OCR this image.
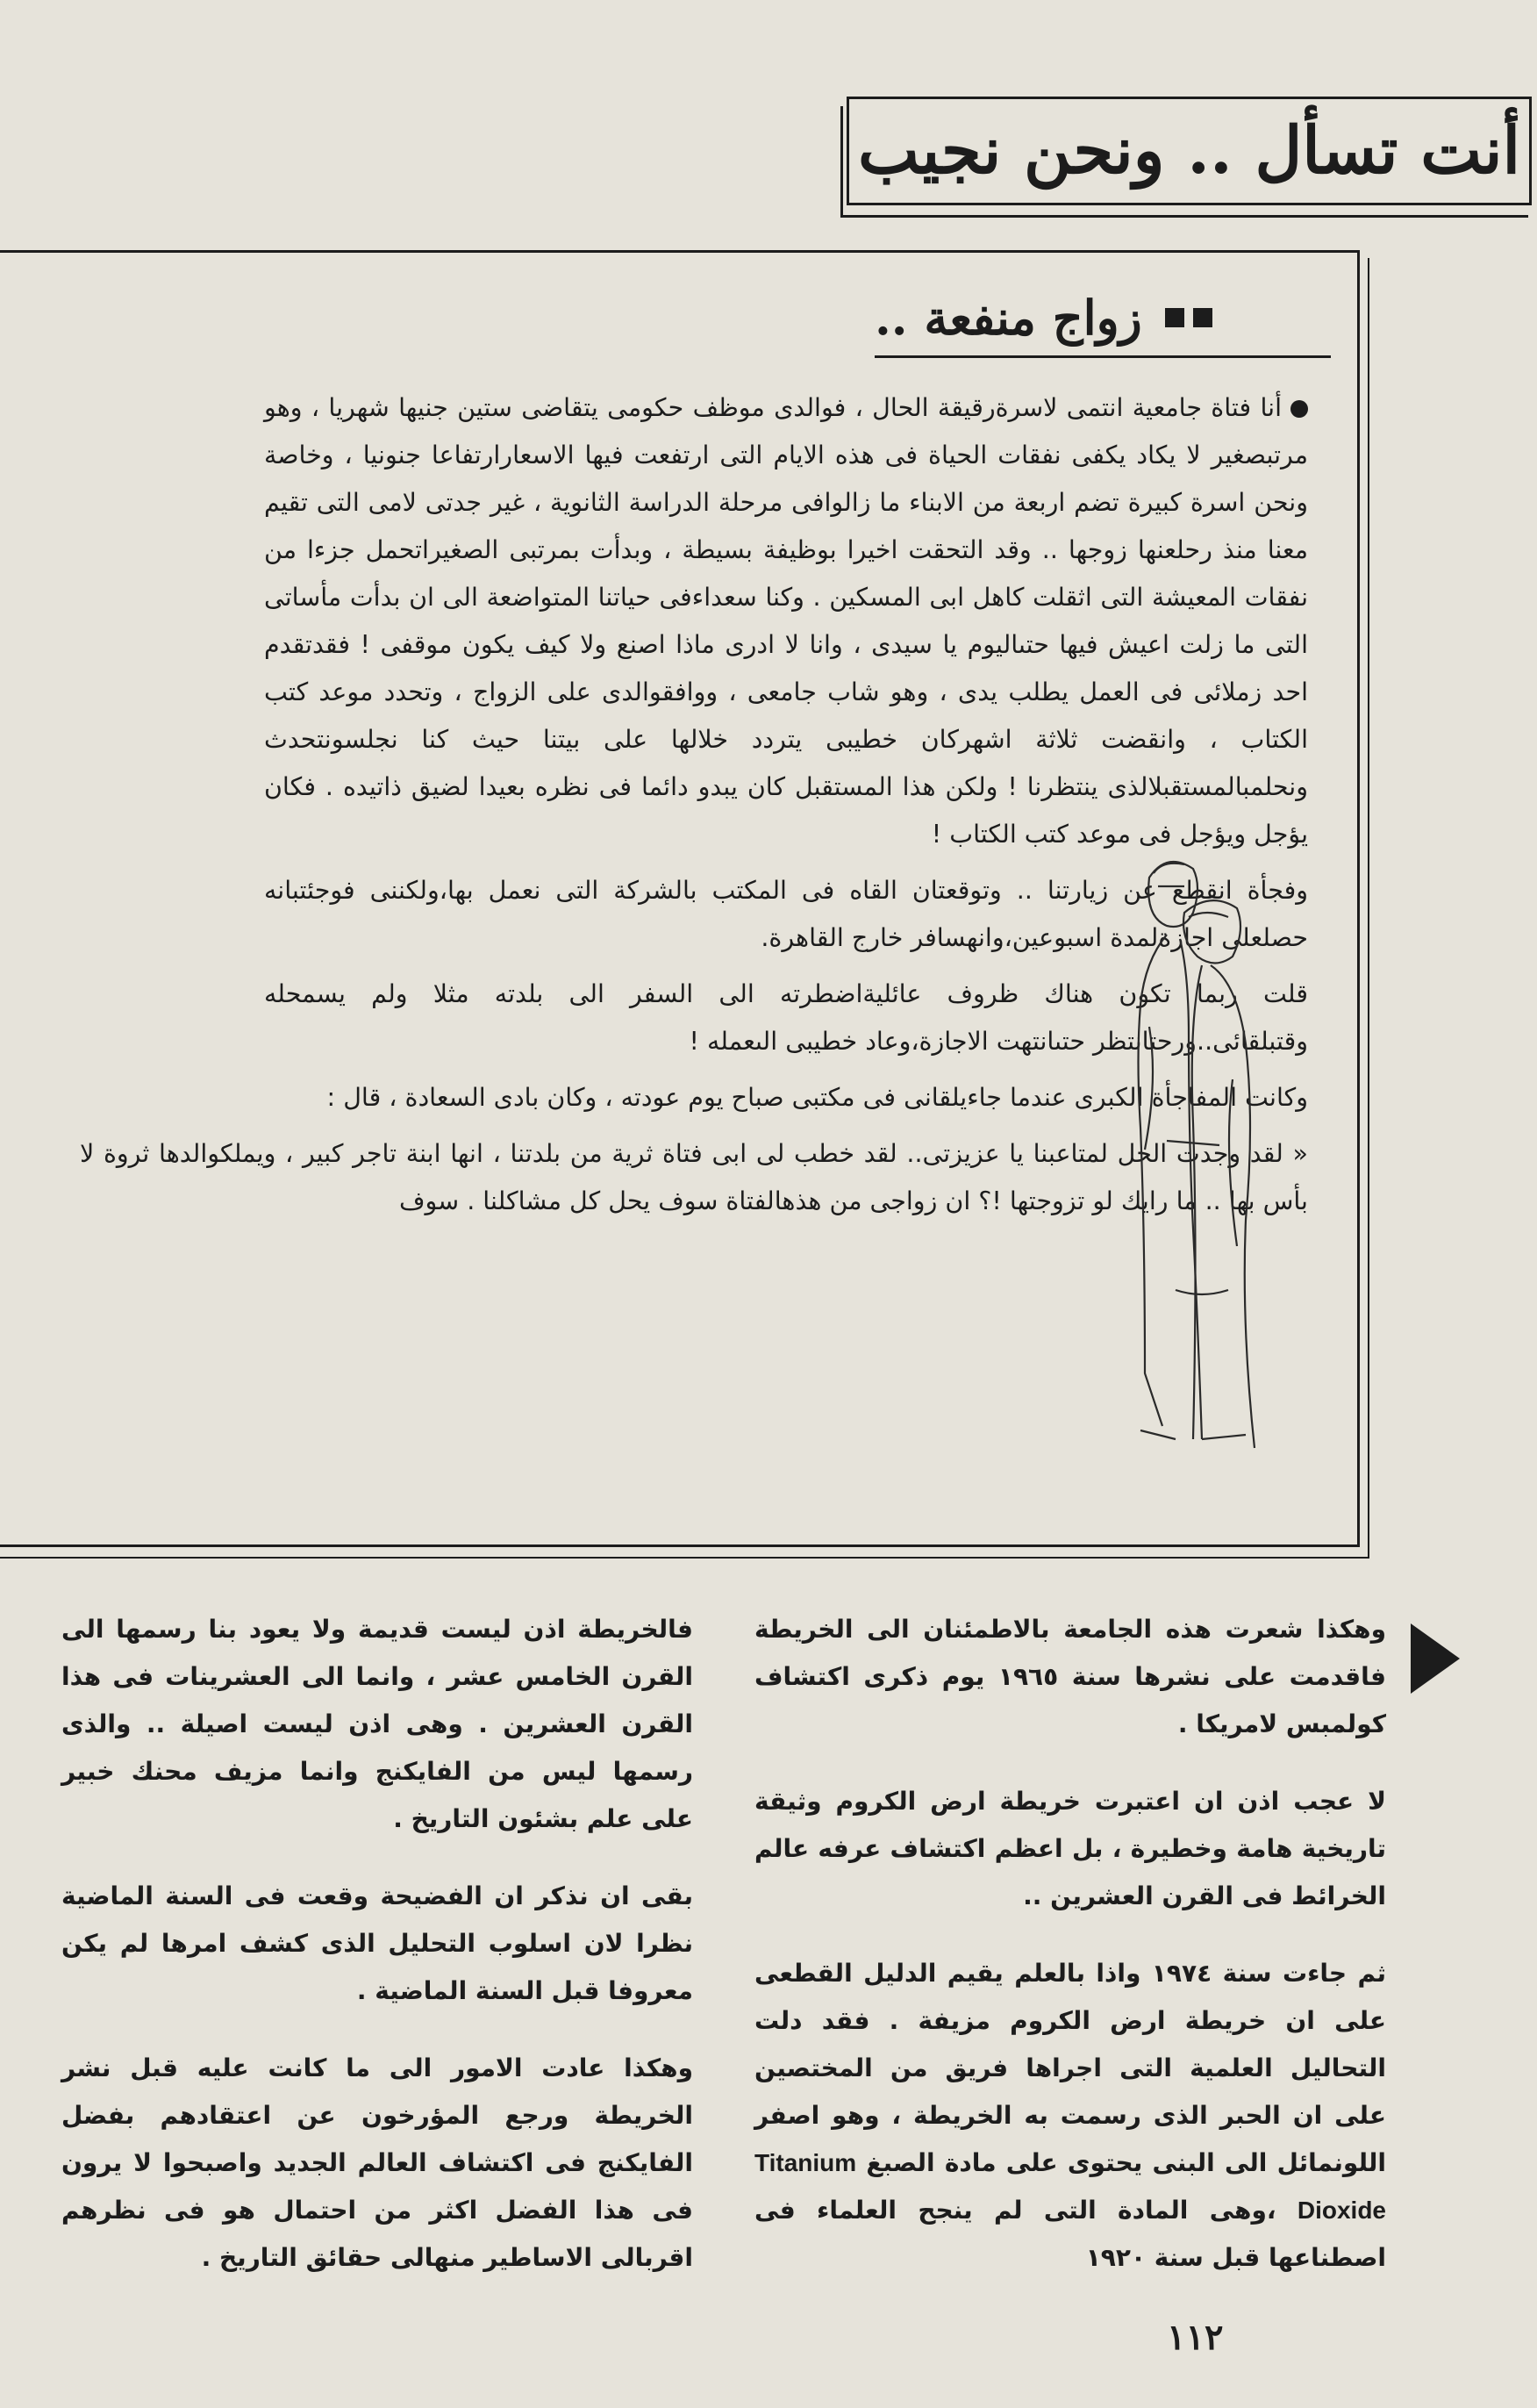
أنت تسأل .. ونحن نجيب
زواج منفعة ..

أنا فتاة جامعية انتمى لاسرةرقيقة الحال ، فوالدى موظف حكومى يتقاضى ستين جنيها شهريا ، وهو مرتبصغير لا يكاد يكفى نفقات الحياة فى هذه الايام التى ارتفعت فيها الاسعارارتفاعا جنونيا ، وخاصة ونحن اسرة كبيرة تضم اربعة من الابناء ما زالوافى مرحلة الدراسة الثانوية ، غير جدتى لامى التى تقيم معنا منذ رحلعنها زوجها .. وقد التحقت اخيرا بوظيفة بسيطة ، وبدأت بمرتبى الصغيراتحمل جزءا من نفقات المعيشة التى اثقلت كاهل ابى المسكين . وكنا سعداءفى حياتنا المتواضعة الى ان بدأت مأساتى التى ما زلت اعيش فيها حتىاليوم يا سيدى ، وانا لا ادرى ماذا اصنع ولا كيف يكون موقفى ! فقدتقدم احد زملائى فى العمل يطلب يدى ، وهو شاب جامعى ، ووافقوالدى على الزواج ، وتحدد موعد كتب الكتاب ، وانقضت ثلاثة اشهركان خطيبى يتردد خلالها على بيتنا حيث كنا نجلسونتحدث ونحلمبالمستقبلالذى ينتظرنا ! ولكن هذا المستقبل كان يبدو دائما فى نظره بعيدا لضيق ذاتيده . فكان يؤجل ويؤجل فى موعد كتب الكتاب !

وفجأة انقطع عن زيارتنا .. وتوقعتان القاه فى المكتب بالشركة التى نعمل بها،ولكننى فوجئتبانه حصلعلى اجازةلمدة اسبوعين،وانهسافر خارج القاهرة.

قلت ربما تكون هناك ظروف عائليةاضطرته الى السفر الى بلدته مثلا ولم يسمحله وقتبلقائى..ورحتانتظر حتىانتهت الاجازة،وعاد خطيبى الىعمله !

وكانت المفاجأة الكبرى عندما جاءيلقانى فى مكتبى صباح يوم عودته ، وكان بادى السعادة ، قال :

« لقد وجدت الحل لمتاعبنا يا عزيزتى.. لقد خطب لى ابى فتاة ثرية من بلدتنا ، انها ابنة تاجر كبير ، ويملكوالدها ثروة لا بأس بها .. ما رايك لو تزوجتها !؟ ان زواجى من هذهالفتاة سوف يحل كل مشاكلنا . سوف

وهكذا شعرت هذه الجامعة بالاطمئنان الى الخريطة فاقدمت على نشرها سنة ١٩٦٥ يوم ذكرى اكتشاف كولمبس لامريكا .

لا عجب اذن ان اعتبرت خريطة ارض الكروم وثيقة تاريخية هامة وخطيرة ، بل اعظم اكتشاف عرفه عالم الخرائط فى القرن العشرين ..

ثم جاءت سنة ١٩٧٤ واذا بالعلم يقيم الدليل القطعى على ان خريطة ارض الكروم مزيفة . فقد دلت التحاليل العلمية التى اجراها فريق من المختصين على ان الحبر الذى رسمت به الخريطة ، وهو اصفر اللونمائل الى البنى يحتوى على مادة الصبغ Titanium Dioxide ،وهى المادة التى لم ينجح العلماء فى اصطناعها قبل سنة ١٩٢٠

فالخريطة اذن ليست قديمة ولا يعود بنا رسمها الى القرن الخامس عشر ، وانما الى العشرينات فى هذا القرن العشرين . وهى اذن ليست اصيلة .. والذى رسمها ليس من الفايكنج وانما مزيف محنك خبير على علم بشئون التاريخ .

بقى ان نذكر ان الفضيحة وقعت فى السنة الماضية نظرا لان اسلوب التحليل الذى كشف امرها لم يكن معروفا قبل السنة الماضية .

وهكذا عادت الامور الى ما كانت عليه قبل نشر الخريطة ورجع المؤرخون عن اعتقادهم بفضل الفايكنج فى اكتشاف العالم الجديد واصبحوا لا يرون فى هذا الفضل اكثر من احتمال هو فى نظرهم اقربالى الاساطير منهالى حقائق التاريخ .

١١٢
